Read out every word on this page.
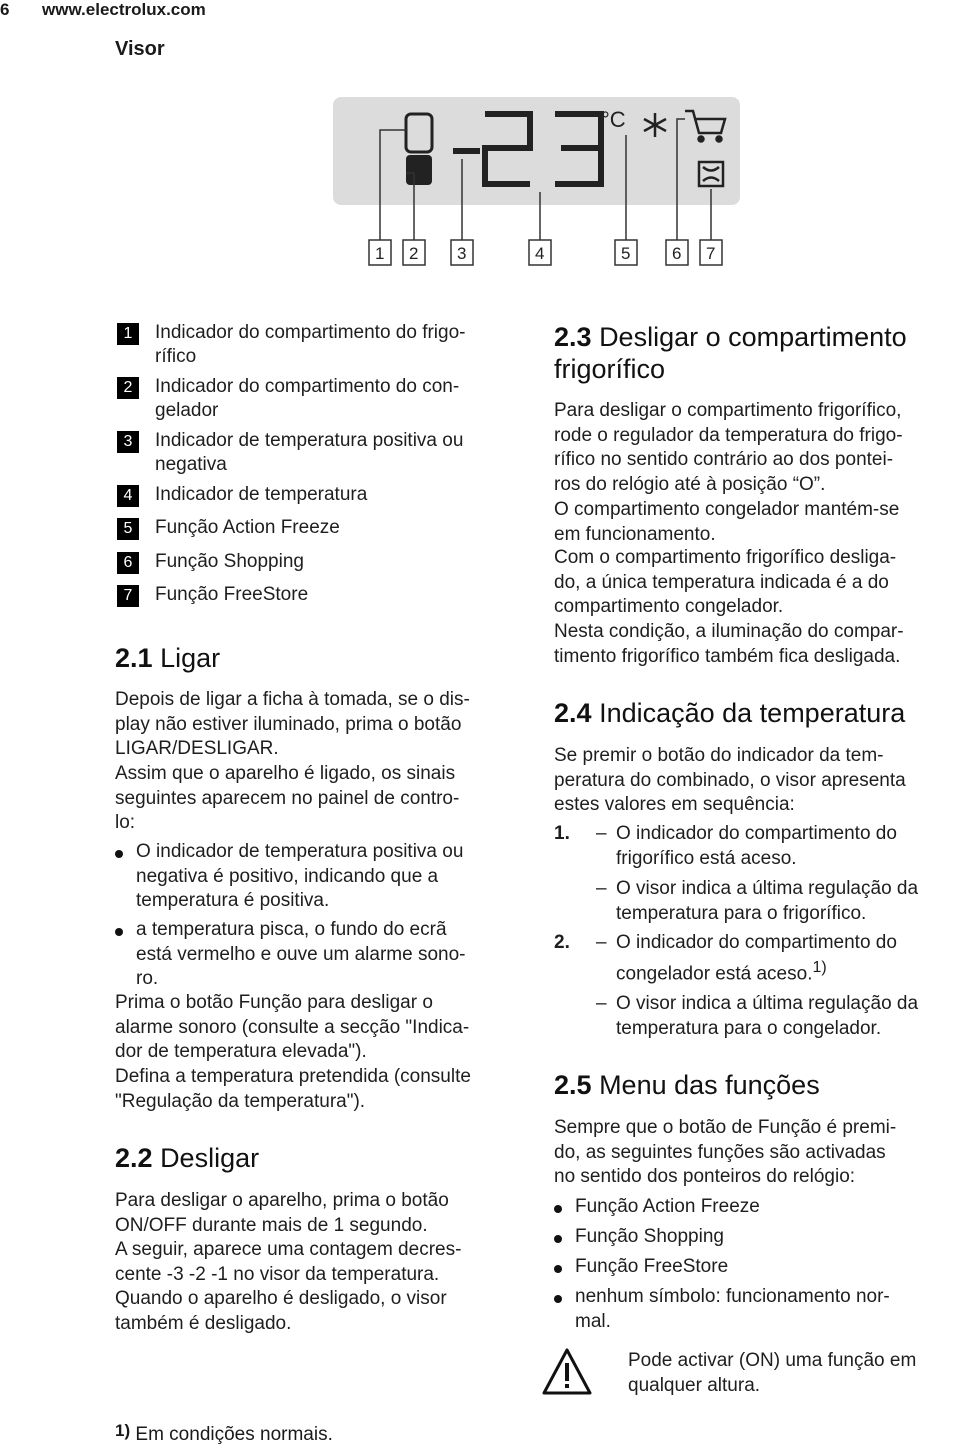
6 www.electrolux.com
Visor
°C
1 2 3	4	5 6 7
1	Indicador do compartimento do frigo-
rífico
2	Indicador do compartimento do con-
gelador
3	Indicador de temperatura positiva ou
negativa
4	Indicador de temperatura
5	Função Action Freeze
6	Função Shopping
7	Função FreeStore
2.1 Ligar
Depois de ligar a ficha à tomada, se o dis-
play não estiver iluminado, prima o botão
LIGAR/DESLIGAR.
Assim que o aparelho é ligado, os sinais
seguintes aparecem no painel de contro-
lo:
O indicador de temperatura positiva ou
negativa é positivo, indicando que a
temperatura é positiva.
a temperatura pisca, o fundo do ecrã
está vermelho e ouve um alarme sono-
ro.
Prima o botão Função para desligar o
alarme sonoro (consulte a secção "Indica-
dor de temperatura elevada").
Defina a temperatura pretendida (consulte
"Regulação da temperatura").
2.2 Desligar
Para desligar o aparelho, prima o botão
ON/OFF durante mais de 1 segundo.
A seguir, aparece uma contagem decres-
cente -3 -2 -1 no visor da temperatura.
Quando o aparelho é desligado, o visor
também é desligado.
1) Em condições normais.
2.3 Desligar o compartimento
frigorífico
Para desligar o compartimento frigorífico,
rode o regulador da temperatura do frigo-
rífico no sentido contrário ao dos pontei-
ros do relógio até à posição “O”.
O compartimento congelador mantém-se
em funcionamento.
Com o compartimento frigorífico desliga-
do, a única temperatura indicada é a do
compartimento congelador.
Nesta condição, a iluminação do compar-
timento frigorífico também fica desligada.
2.4 Indicação da temperatura
Se premir o botão do indicador da tem-
peratura do combinado, o visor apresenta
estes valores em sequência:
1. – O indicador do compartimento do
frigorífico está aceso.
– O visor indica a última regulação da
temperatura para o frigorífico.
2. – O indicador do compartimento do
congelador está aceso.$^{1)}$
– O visor indica a última regulação da
temperatura para o congelador.
2.5 Menu das funções
Sempre que o botão de Função é premi-
do, as seguintes funções são activadas
no sentido dos ponteiros do relógio:
Função Action Freeze
Função Shopping
Função FreeStore
nenhum símbolo: funcionamento nor-
mal.
Pode activar (ON) uma função em
qualquer altura.
